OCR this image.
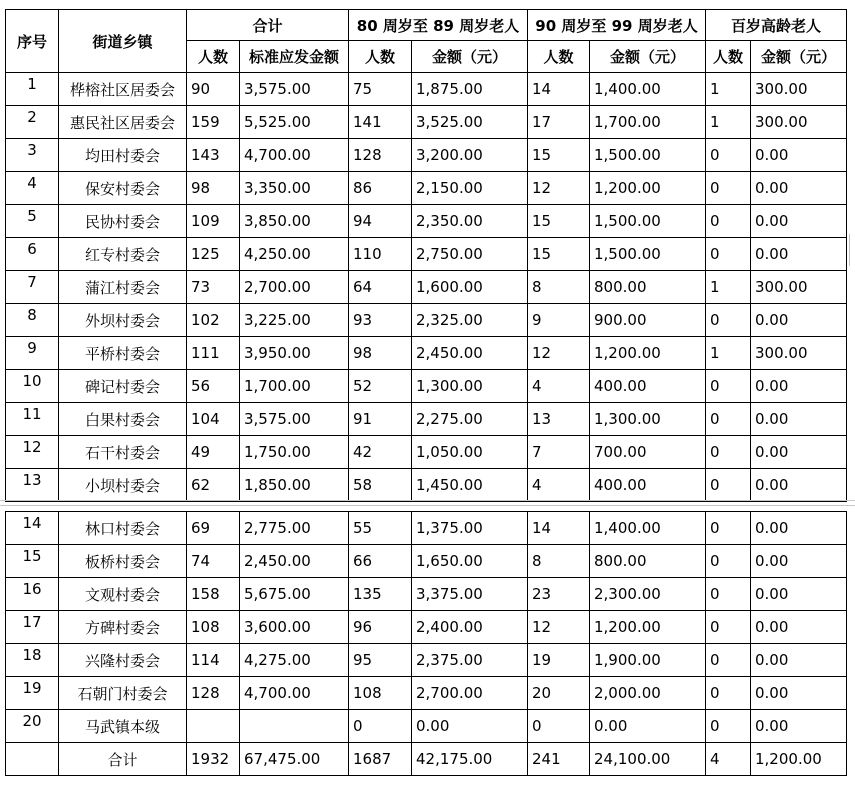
序号	街道乡镇	合计		80 周岁至 89 周岁老人		90 周岁至 99 周岁老人		百岁高龄老人	
		人数	标准应发金额	人数	金额（元）	人数	金额（元）	人数	金额（元）
1	桦榕社区居委会	90	3,575.00	75	1,875.00	14	1,400.00	1	300.00
2	惠民社区居委会	159	5,525.00	141	3,525.00	17	1,700.00	1	300.00
3	均田村委会	143	4,700.00	128	3,200.00	15	1,500.00	0	0.00
4	保安村委会	98	3,350.00	86	2,150.00	12	1,200.00	0	0.00
5	民协村委会	109	3,850.00	94	2,350.00	15	1,500.00	0	0.00
6	红专村委会	125	4,250.00	110	2,750.00	15	1,500.00	0	0.00
7	蒲江村委会	73	2,700.00	64	1,600.00	8	800.00	1	300.00
8	外坝村委会	102	3,225.00	93	2,325.00	9	900.00	0	0.00
9	平桥村委会	111	3,950.00	98	2,450.00	12	1,200.00	1	300.00
10	碑记村委会	56	1,700.00	52	1,300.00	4	400.00	0	0.00
11	白果村委会	104	3,575.00	91	2,275.00	13	1,300.00	0	0.00
12	石干村委会	49	1,750.00	42	1,050.00	7	700.00	0	0.00
13	小坝村委会	62	1,850.00	58	1,450.00	4	400.00	0	0.00
14	林口村委会	69	2,775.00	55	1,375.00	14	1,400.00	0	0.00
15	板桥村委会	74	2,450.00	66	1,650.00	8	800.00	0	0.00
16	文观村委会	158	5,675.00	135	3,375.00	23	2,300.00	0	0.00
17	方碑村委会	108	3,600.00	96	2,400.00	12	1,200.00	0	0.00
18	兴隆村委会	114	4,275.00	95	2,375.00	19	1,900.00	0	0.00
19	石朝门村委会	128	4,700.00	108	2,700.00	20	2,000.00	0	0.00
20	马武镇本级			0	0.00	0	0.00	0	0.00
	合计	1932	67,475.00	1687	42,175.00	241	24,100.00	4	1,200.00
